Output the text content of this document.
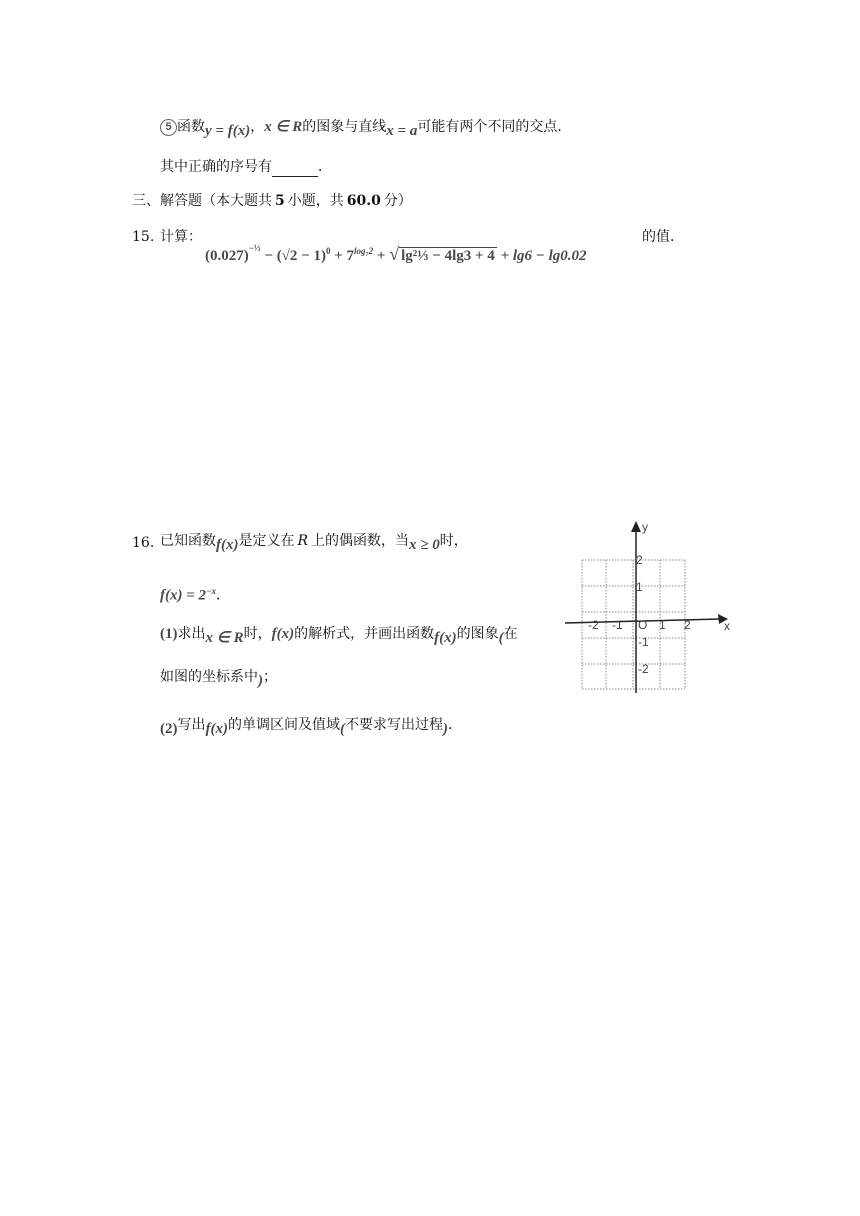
5 函数y = f(x)，x ∈ R的图象与直线x = a可能有两个不同的交点．
其中正确的序号有	．
三、解答题（本大题共 5 小题，共 60.0 分）
15. 计算：
$(0.027)^{-\frac{1}{3}} - (√2 - 1)^0 + 7^{log_72}$ + √ lg²⅓ − 4lg3 + 4 + lg6 − lg0.02
的值．
16. 已知函数f(x)是定义在 R 上的偶函数，当x ≥ 0时，
$f(x) = 2^{-x}$．
(1)求出x ∈ R时，f(x)的解析式，并画出函数f(x)的图象(在
如图的坐标系中)；
(2)写出f(x)的单调区间及值域(不要求写出过程)．
x
y
O
-2 -1	1 2
2
1
-1
-2
